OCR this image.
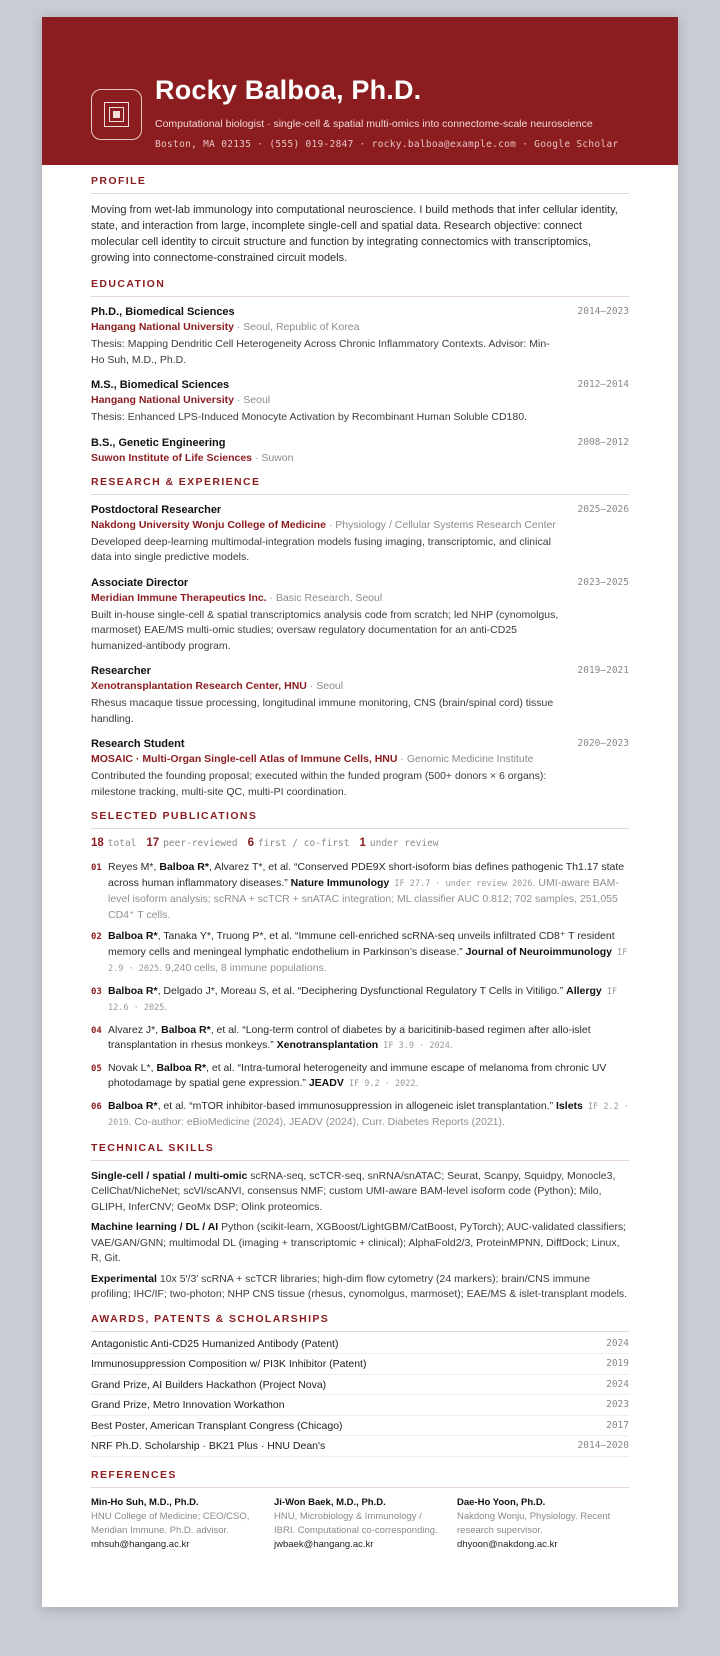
Rocky Balboa, Ph.D.
Computational biologist · single-cell & spatial multi-omics into connectome-scale neuroscience
Boston, MA 02135 · (555) 019-2847 · rocky.balboa@example.com · Google Scholar
PROFILE
Moving from wet-lab immunology into computational neuroscience. I build methods that infer cellular identity, state, and interaction from large, incomplete single-cell and spatial data. Research objective: connect molecular cell identity to circuit structure and function by integrating connectomics with transcriptomics, growing into connectome-constrained circuit models.
EDUCATION
Ph.D., Biomedical Sciences	2014–2023
Hangang National University · Seoul, Republic of Korea
Thesis: Mapping Dendritic Cell Heterogeneity Across Chronic Inflammatory Contexts. Advisor: Min-Ho Suh, M.D., Ph.D.
M.S., Biomedical Sciences	2012–2014
Hangang National University · Seoul
Thesis: Enhanced LPS-Induced Monocyte Activation by Recombinant Human Soluble CD180.
B.S., Genetic Engineering	2008–2012
Suwon Institute of Life Sciences · Suwon
RESEARCH & EXPERIENCE
Postdoctoral Researcher	2025–2026
Nakdong University Wonju College of Medicine · Physiology / Cellular Systems Research Center
Developed deep-learning multimodal-integration models fusing imaging, transcriptomic, and clinical data into single predictive models.
Associate Director	2023–2025
Meridian Immune Therapeutics Inc. · Basic Research, Seoul
Built in-house single-cell & spatial transcriptomics analysis code from scratch; led NHP (cynomolgus, marmoset) EAE/MS multi-omic studies; oversaw regulatory documentation for an anti-CD25 humanized-antibody program.
Researcher	2019–2021
Xenotransplantation Research Center, HNU · Seoul
Rhesus macaque tissue processing, longitudinal immune monitoring, CNS (brain/spinal cord) tissue handling.
Research Student	2020–2023
MOSAIC · Multi-Organ Single-cell Atlas of Immune Cells, HNU · Genomic Medicine Institute
Contributed the founding proposal; executed within the funded program (500+ donors × 6 organs): milestone tracking, multi-site QC, multi-PI coordination.
SELECTED PUBLICATIONS
18 total 17 peer-reviewed 6 first / co-first 1 under review
01 Reyes M*, Balboa R*, Alvarez T*, et al. “Conserved PDE9X short-isoform bias defines pathogenic Th1.17 state across human inflammatory diseases.” Nature Immunology IF 27.7 · under review 2026. UMI-aware BAM-level isoform analysis; scRNA + scTCR + snATAC integration; ML classifier AUC 0.812; 702 samples, 251,055 CD4⁺ T cells.
02 Balboa R*, Tanaka Y*, Truong P*, et al. “Immune cell-enriched scRNA-seq unveils infiltrated CD8⁺ T resident memory cells and meningeal lymphatic endothelium in Parkinson’s disease.” Journal of Neuroimmunology IF 2.9 · 2025. 9,240 cells, 8 immune populations.
03 Balboa R*, Delgado J*, Moreau S, et al. “Deciphering Dysfunctional Regulatory T Cells in Vitiligo.” Allergy IF 12.6 · 2025.
04 Alvarez J*, Balboa R*, et al. “Long-term control of diabetes by a baricitinib-based regimen after allo-islet transplantation in rhesus monkeys.” Xenotransplantation IF 3.9 · 2024.
05 Novak L*, Balboa R*, et al. “Intra-tumoral heterogeneity and immune escape of melanoma from chronic UV photodamage by spatial gene expression.” JEADV IF 9.2 · 2022.
06 Balboa R*, et al. “mTOR inhibitor-based immunosuppression in allogeneic islet transplantation.” Islets IF 2.2 · 2019. Co-author: eBioMedicine (2024), JEADV (2024), Curr. Diabetes Reports (2021).
TECHNICAL SKILLS
Single-cell / spatial / multi-omic scRNA-seq, scTCR-seq, snRNA/snATAC; Seurat, Scanpy, Squidpy, Monocle3, CellChat/NicheNet; scVI/scANVI, consensus NMF; custom UMI-aware BAM-level isoform code (Python); Milo, GLIPH, InferCNV; GeoMx DSP; Olink proteomics.
Machine learning / DL / AI Python (scikit-learn, XGBoost/LightGBM/CatBoost, PyTorch); AUC-validated classifiers; VAE/GAN/GNN; multimodal DL (imaging + transcriptomic + clinical); AlphaFold2/3, ProteinMPNN, DiffDock; Linux, R, Git.
Experimental 10x 5′/3′ scRNA + scTCR libraries; high-dim flow cytometry (24 markers); brain/CNS immune profiling; IHC/IF; two-photon; NHP CNS tissue (rhesus, cynomolgus, marmoset); EAE/MS & islet-transplant models.
AWARDS, PATENTS & SCHOLARSHIPS
Antagonistic Anti-CD25 Humanized Antibody (Patent)	2024
Immunosuppression Composition w/ PI3K Inhibitor (Patent)	2019
Grand Prize, AI Builders Hackathon (Project Nova)	2024
Grand Prize, Metro Innovation Workathon	2023
Best Poster, American Transplant Congress (Chicago)	2017
NRF Ph.D. Scholarship · BK21 Plus · HNU Dean's	2014–2020
REFERENCES
Min-Ho Suh, M.D., Ph.D.
HNU College of Medicine; CEO/CSO, Meridian Immune. Ph.D. advisor.
mhsuh@hangang.ac.kr
Ji-Won Baek, M.D., Ph.D.
HNU, Microbiology & Immunology / IBRI. Computational co-corresponding.
jwbaek@hangang.ac.kr
Dae-Ho Yoon, Ph.D.
Nakdong Wonju, Physiology. Recent research supervisor.
dhyoon@nakdong.ac.kr
